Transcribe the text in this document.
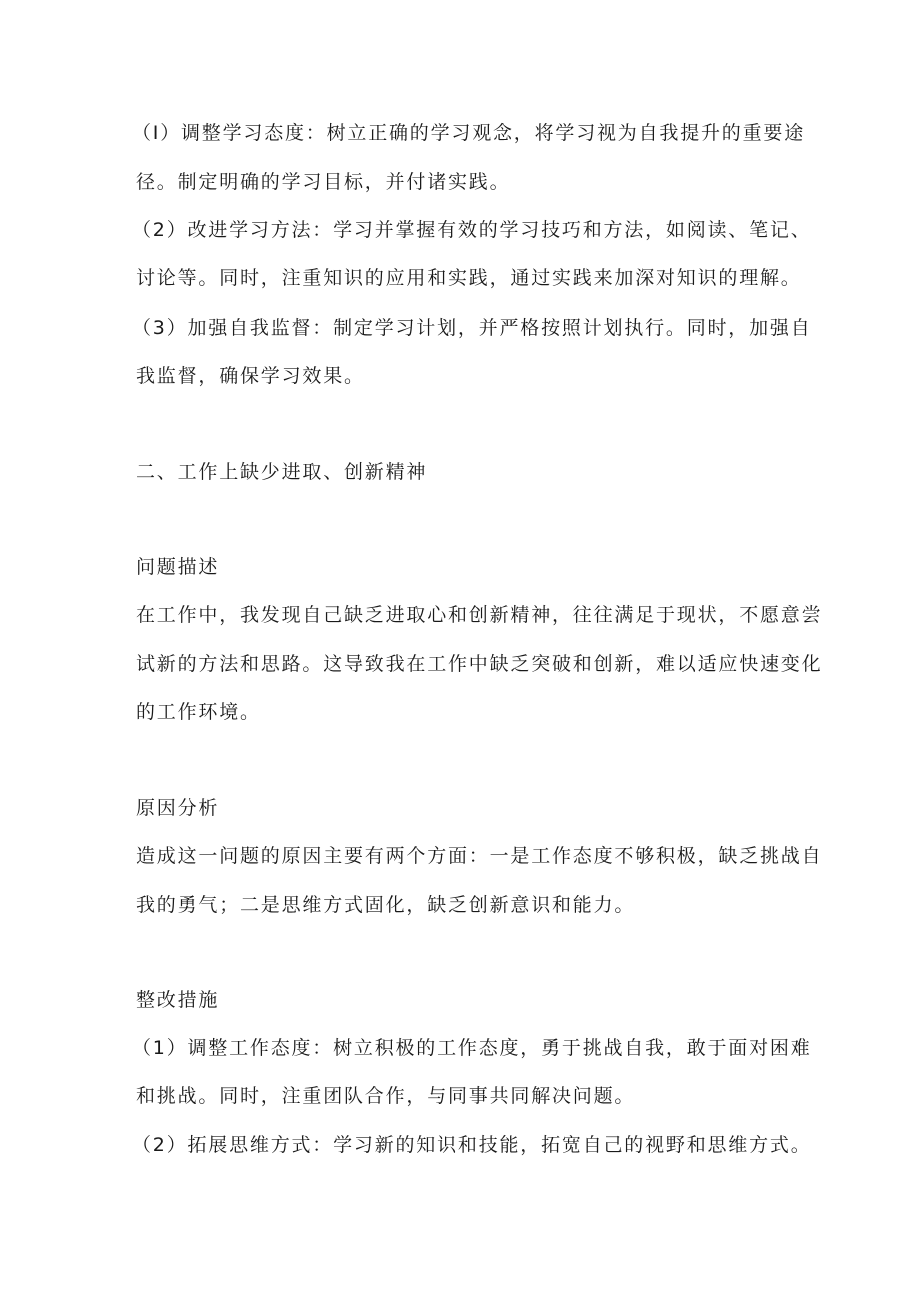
（I）调整学习态度：树立正确的学习观念，将学习视为自我提升的重要途
径。制定明确的学习目标，并付诸实践。
（2）改进学习方法：学习并掌握有效的学习技巧和方法，如阅读、笔记、
讨论等。同时，注重知识的应用和实践，通过实践来加深对知识的理解。
（3）加强自我监督：制定学习计划，并严格按照计划执行。同时，加强自
我监督，确保学习效果。
二、工作上缺少进取、创新精神
问题描述
在工作中，我发现自己缺乏进取心和创新精神，往往满足于现状，不愿意尝
试新的方法和思路。这导致我在工作中缺乏突破和创新，难以适应快速变化
的工作环境。
原因分析
造成这一问题的原因主要有两个方面：一是工作态度不够积极，缺乏挑战自
我的勇气；二是思维方式固化，缺乏创新意识和能力。
整改措施
（1）调整工作态度：树立积极的工作态度，勇于挑战自我，敢于面对困难
和挑战。同时，注重团队合作，与同事共同解决问题。
（2）拓展思维方式：学习新的知识和技能，拓宽自己的视野和思维方式。
